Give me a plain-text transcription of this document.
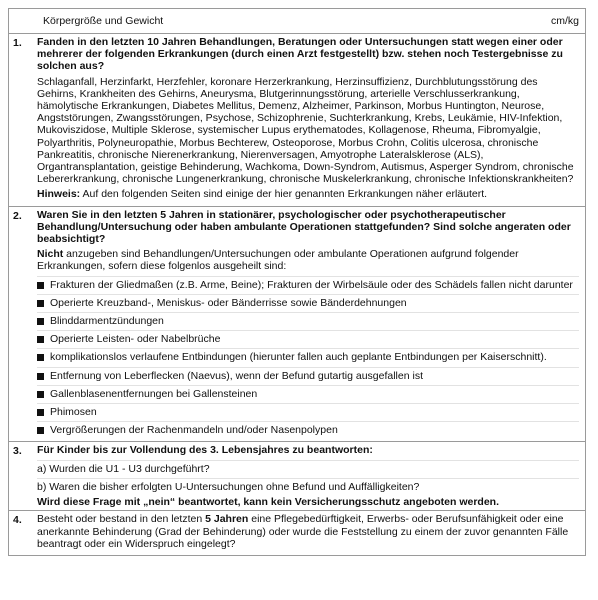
Körpergröße und Gewicht	cm/kg
1.	Fanden in den letzten 10 Jahren Behandlungen, Beratungen oder Untersuchungen statt wegen einer oder mehrerer der folgenden Erkrankungen (durch einen Arzt festgestellt) bzw. stehen noch Testergebnisse zu solchen aus?
Schlaganfall, Herzinfarkt, Herzfehler, koronare Herzerkrankung, Herzinsuffizienz, Durchblutungsstörung des Gehirns, Krankheiten des Gehirns, Aneurysma, Blutgerinnungsstörung, arterielle Verschlusserkrankung, hämolytische Erkrankungen, Diabetes Mellitus, Demenz, Alzheimer, Parkinson, Morbus Huntington, Neurose, Angststörungen, Zwangsstörungen, Psychose, Schizophrenie, Suchterkrankung, Krebs, Leukämie, HIV-Infektion, Mukoviszidose, Multiple Sklerose, systemischer Lupus erythematodes, Kollagenose, Rheuma, Fibromyalgie, Polyarthritis, Polyneuropathie, Morbus Bechterew, Osteoporose, Morbus Crohn, Colitis ulcerosa, chronische Pankreatitis, chronische Nierenerkrankung, Nierenversagen, Amyotrophe Lateralsklerose (ALS), Organtransplantation, geistige Behinderung, Wachkoma, Down-Syndrom, Autismus, Asperger Syndrom, chronische Lebererkrankung, chronische Lungenerkrankung, chronische Muskelerkrankung, chronische Infektionskrankheiten?
Hinweis: Auf den folgenden Seiten sind einige der hier genannten Erkrankungen näher erläutert.
2.	Waren Sie in den letzten 5 Jahren in stationärer, psychologischer oder psychotherapeutischer Behandlung/Untersuchung oder haben ambulante Operationen stattgefunden? Sind solche angeraten oder beabsichtigt?
Nicht anzugeben sind Behandlungen/Untersuchungen oder ambulante Operationen aufgrund folgender Erkrankungen, sofern diese folgenlos ausgeheilt sind:
Frakturen der Gliedmaßen (z.B. Arme, Beine); Frakturen der Wirbelsäule oder des Schädels fallen nicht darunter
Operierte Kreuzband-, Meniskus- oder Bänderrisse sowie Bänderdehnungen
Blinddarmentzündungen
Operierte Leisten- oder Nabelbrüche
komplikationslos verlaufene Entbindungen (hierunter fallen auch geplante Entbindungen per Kaiserschnitt).
Entfernung von Leberflecken (Naevus), wenn der Befund gutartig ausgefallen ist
Gallenblasenentfernungen bei Gallensteinen
Phimosen
Vergrößerungen der Rachenmandeln und/oder Nasenpolypen
3.	Für Kinder bis zur Vollendung des 3. Lebensjahres zu beantworten:
a) Wurden die U1 - U3 durchgeführt?
b) Waren die bisher erfolgten U-Untersuchungen ohne Befund und Auffälligkeiten?
Wird diese Frage mit „nein“ beantwortet, kann kein Versicherungsschutz angeboten werden.
4.	Besteht oder bestand in den letzten 5 Jahren eine Pflegebedürftigkeit, Erwerbs- oder Berufsunfähigkeit oder eine anerkannte Behinderung (Grad der Behinderung) oder wurde die Feststellung zu einem der zuvor genannten Fälle beantragt oder ein Widerspruch eingelegt?
